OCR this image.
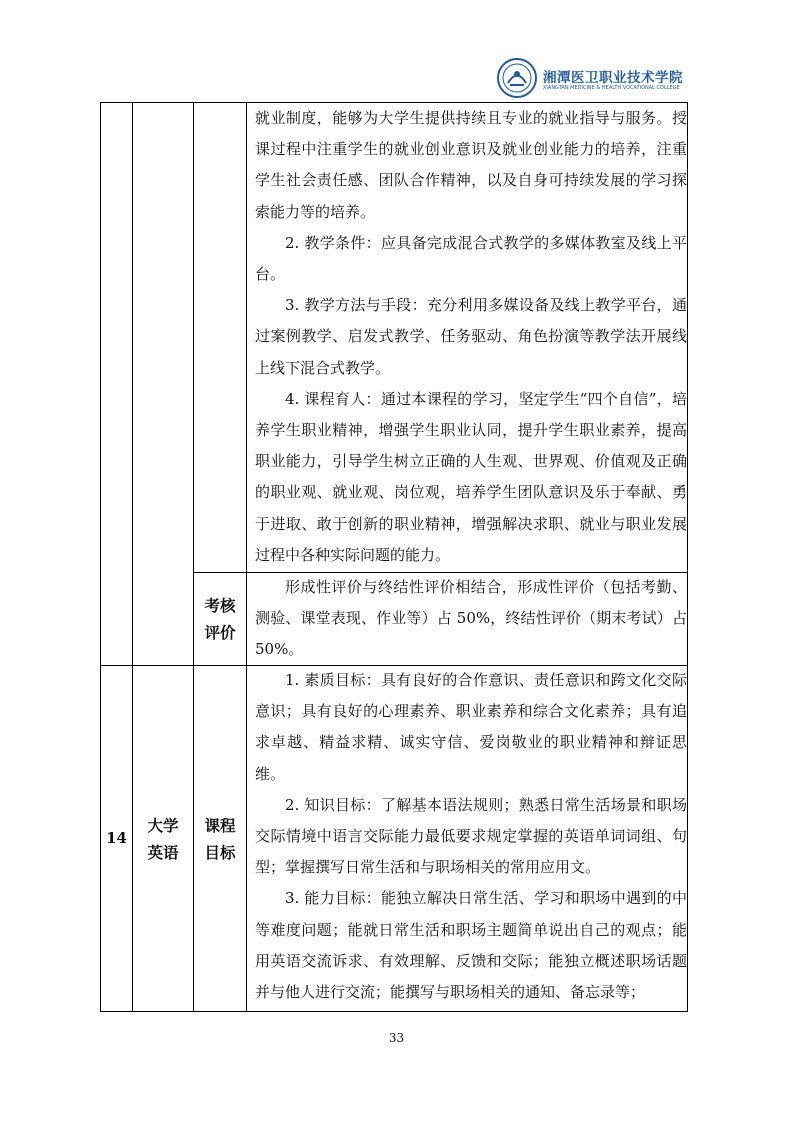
湘潭医卫职业技术学院
XIANGTAN MEDICINE & HEALTH VOCATIONAL COLLEGE

就业制度，能够为大学生提供持续且专业的就业指导与服务。授课过程中注重学生的就业创业意识及就业创业能力的培养，注重学生社会责任感、团队合作精神，以及自身可持续发展的学习探索能力等的培养。

2. 教学条件：应具备完成混合式教学的多媒体教室及线上平台。

3. 教学方法与手段：充分利用多媒设备及线上教学平台，通过案例教学、启发式教学、任务驱动、角色扮演等教学法开展线上线下混合式教学。

4. 课程育人：通过本课程的学习，坚定学生“四个自信”，培养学生职业精神，增强学生职业认同，提升学生职业素养，提高职业能力，引导学生树立正确的人生观、世界观、价值观及正确的职业观、就业观、岗位观，培养学生团队意识及乐于奉献、勇于进取、敢于创新的职业精神，增强解决求职、就业与职业发展过程中各种实际问题的能力。

考核评价

形成性评价与终结性评价相结合，形成性评价（包括考勤、测验、课堂表现、作业等）占 50%，终结性评价（期末考试）占 50%。

14
大学英语
课程目标

1. 素质目标：具有良好的合作意识、责任意识和跨文化交际意识；具有良好的心理素养、职业素养和综合文化素养；具有追求卓越、精益求精、诚实守信、爱岗敬业的职业精神和辩证思维。

2. 知识目标：了解基本语法规则；熟悉日常生活场景和职场交际情境中语言交际能力最低要求规定掌握的英语单词词组、句型；掌握撰写日常生活和与职场相关的常用应用文。

3. 能力目标：能独立解决日常生活、学习和职场中遇到的中等难度问题；能就日常生活和职场主题简单说出自己的观点；能用英语交流诉求、有效理解、反馈和交际；能独立概述职场话题并与他人进行交流；能撰写与职场相关的通知、备忘录等；

33
